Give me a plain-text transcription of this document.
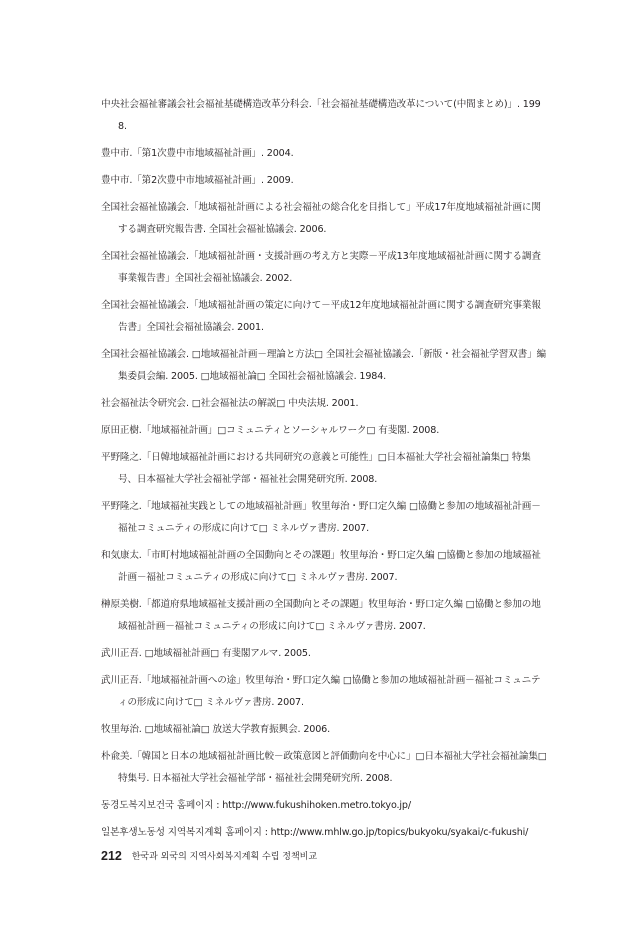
中央社会福祉審議会社会福祉基礎構造改革分科会.「社会福祉基礎構造改革について(中間まとめ)」. 1998.
豊中市.「第1次豊中市地域福祉計画」. 2004.
豊中市.「第2次豊中市地域福祉計画」. 2009.
全国社会福祉協議会.「地域福祉計画による社会福祉の総合化を目指して」平成17年度地域福祉計画に関する調査研究報告書. 全国社会福祉協議会. 2006.
全国社会福祉協議会.「地域福祉計画・支援計画の考え方と実際－平成13年度地域福祉計画に関する調査事業報告書」全国社会福祉協議会. 2002.
全国社会福祉協議会.「地域福祉計画の策定に向けて－平成12年度地域福祉計画に関する調査研究事業報告書」全国社会福祉協議会. 2001.
全国社会福祉協議会. □地域福祉計画－理論と方法□ 全国社会福祉協議会.「新版・社会福祉学習双書」編集委員会編. 2005. □地域福祉論□ 全国社会福祉協議会. 1984.
社会福祉法令研究会. □社会福祉法の解説□ 中央法規. 2001.
原田正樹.「地域福祉計画」□コミュニティとソーシャルワーク□ 有斐閣. 2008.
平野隆之.「日韓地域福祉計画における共同研究の意義と可能性」□日本福祉大学社会福祉論集□ 特集号、日本福祉大学社会福祉学部・福祉社会開発研究所. 2008.
平野隆之.「地域福祉実践としての地域福祉計画」牧里毎治・野口定久編 □協働と参加の地域福祉計画－福祉コミュニティの形成に向けて□ ミネルヴァ書房. 2007.
和気康太.「市町村地域福祉計画の全国動向とその課題」牧里毎治・野口定久編 □協働と参加の地域福祉計画－福祉コミュニティの形成に向けて□ ミネルヴァ書房. 2007.
榊原美樹.「都道府県地域福祉支援計画の全国動向とその課題」牧里毎治・野口定久編 □協働と参加の地域福祉計画－福祉コミュニティの形成に向けて□ ミネルヴァ書房. 2007.
武川正吾. □地域福祉計画□ 有斐閣アルマ. 2005.
武川正吾.「地域福祉計画への途」牧里毎治・野口定久編 □協働と参加の地域福祉計画－福祉コミュニティの形成に向けて□ ミネルヴァ書房. 2007.
牧里毎治. □地域福祉論□ 放送大学教育振興会. 2006.
朴兪美.「韓国と日本の地域福祉計画比較－政策意図と評価動向を中心に」□日本福祉大学社会福祉論集□ 特集号. 日本福祉大学社会福祉学部・福祉社会開発研究所. 2008.
동경도복지보건국 홈페이지 : http://www.fukushihoken.metro.tokyo.jp/
일본후생노동성 지역복지계획 홈페이지 : http://www.mhlw.go.jp/topics/bukyoku/syakai/c-fukushi/
212 한국과 외국의 지역사회복지계획 수립 정책비교
